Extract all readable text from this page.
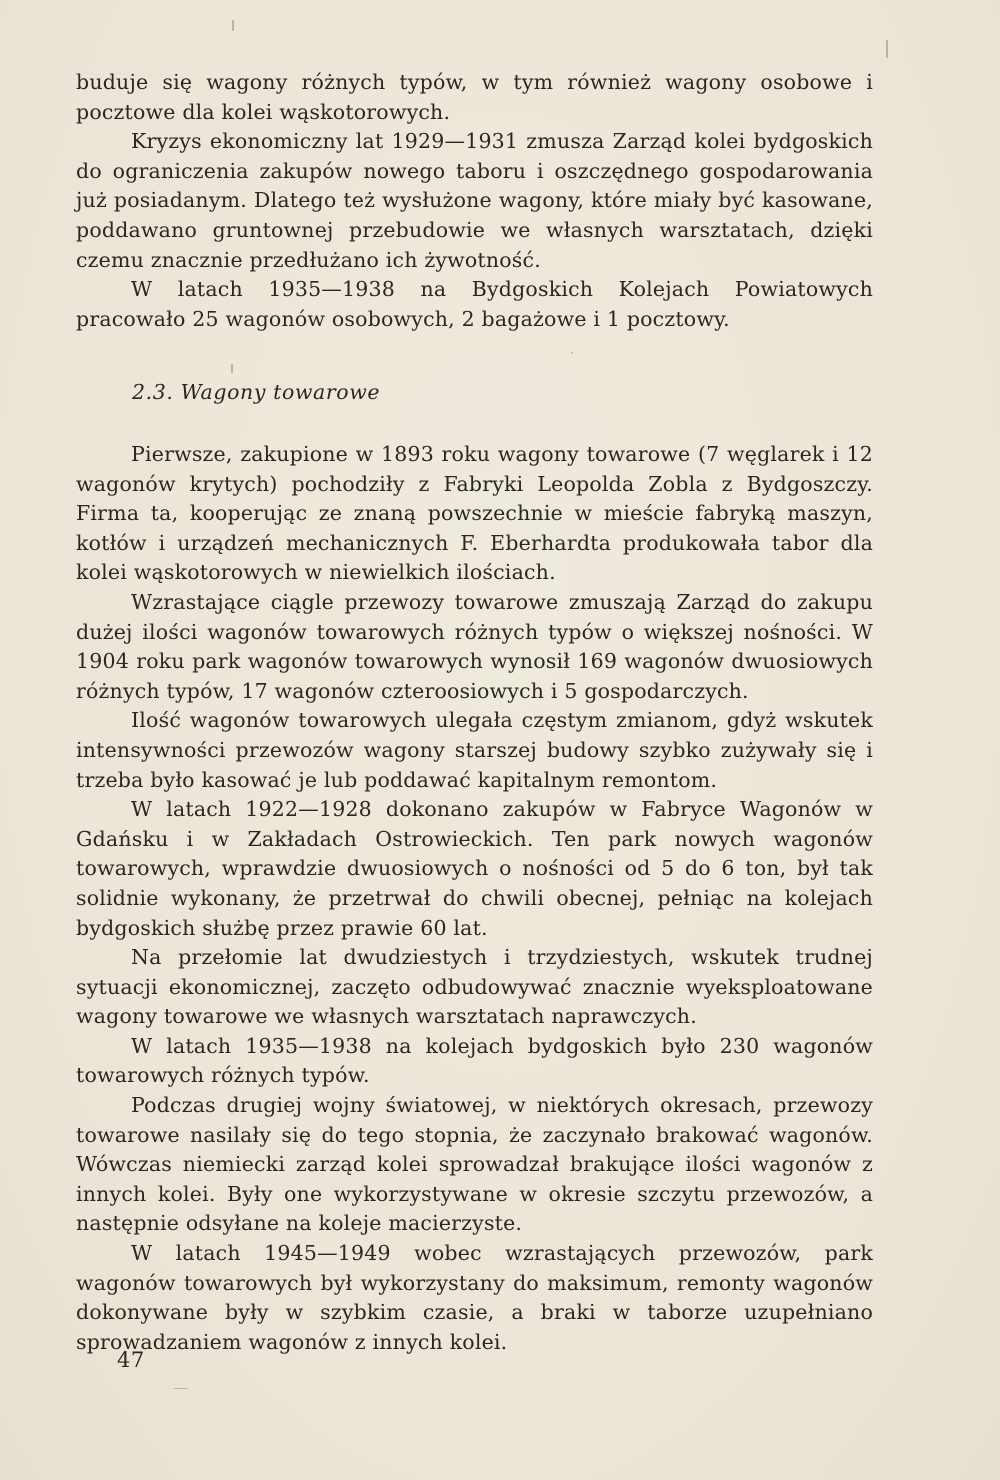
buduje się wagony różnych typów, w tym również wagony osobowe i pocztowe dla kolei wąskotorowych.

Kryzys ekonomiczny lat 1929—1931 zmusza Zarząd kolei bydgoskich do ograniczenia zakupów nowego taboru i oszczędnego gospodarowania już posiadanym. Dlatego też wysłużone wagony, które miały być kasowane, poddawano gruntownej przebudowie we własnych warsztatach, dzięki czemu znacznie przedłużano ich żywotność.

W latach 1935—1938 na Bydgoskich Kolejach Powiatowych pracowało 25 wagonów osobowych, 2 bagażowe i 1 pocztowy.

2.3. Wagony towarowe

Pierwsze, zakupione w 1893 roku wagony towarowe (7 węglarek i 12 wagonów krytych) pochodziły z Fabryki Leopolda Zobla z Bydgoszczy. Firma ta, kooperując ze znaną powszechnie w mieście fabryką maszyn, kotłów i urządzeń mechanicznych F. Eberhardta produkowała tabor dla kolei wąskotorowych w niewielkich ilościach.

Wzrastające ciągle przewozy towarowe zmuszają Zarząd do zakupu dużej ilości wagonów towarowych różnych typów o większej nośności. W 1904 roku park wagonów towarowych wynosił 169 wagonów dwuosiowych różnych typów, 17 wagonów czteroosiowych i 5 gospodarczych.

Ilość wagonów towarowych ulegała częstym zmianom, gdyż wskutek intensywności przewozów wagony starszej budowy szybko zużywały się i trzeba było kasować je lub poddawać kapitalnym remontom.

W latach 1922—1928 dokonano zakupów w Fabryce Wagonów w Gdańsku i w Zakładach Ostrowieckich. Ten park nowych wagonów towarowych, wprawdzie dwuosiowych o nośności od 5 do 6 ton, był tak solidnie wykonany, że przetrwał do chwili obecnej, pełniąc na kolejach bydgoskich służbę przez prawie 60 lat.

Na przełomie lat dwudziestych i trzydziestych, wskutek trudnej sytuacji ekonomicznej, zaczęto odbudowywać znacznie wyeksploatowane wagony towarowe we własnych warsztatach naprawczych.

W latach 1935—1938 na kolejach bydgoskich było 230 wagonów towarowych różnych typów.

Podczas drugiej wojny światowej, w niektórych okresach, przewozy towarowe nasilały się do tego stopnia, że zaczynało brakować wagonów. Wówczas niemiecki zarząd kolei sprowadzał brakujące ilości wagonów z innych kolei. Były one wykorzystywane w okresie szczytu przewozów, a następnie odsyłane na koleje macierzyste.

W latach 1945—1949 wobec wzrastających przewozów, park wagonów towarowych był wykorzystany do maksimum, remonty wagonów dokonywane były w szybkim czasie, a braki w taborze uzupełniano sprowadzaniem wagonów z innych kolei.

47
